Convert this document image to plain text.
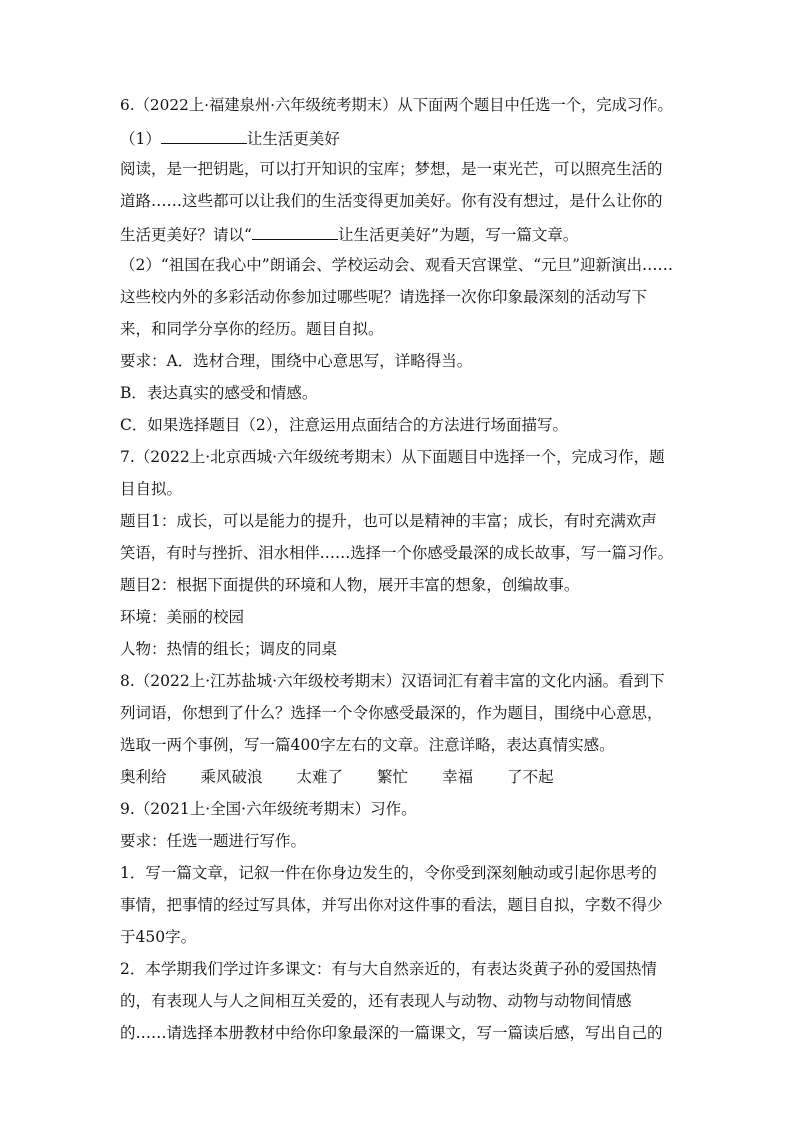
6.（2022上·福建泉州·六年级统考期末）从下面两个题目中任选一个，完成习作。
（1）	让生活更美好
阅读，是一把钥匙，可以打开知识的宝库；梦想，是一束光芒，可以照亮生活的
道路……这些都可以让我们的生活变得更加美好。你有没有想过，是什么让你的
生活更美好？请以“	让生活更美好”为题，写一篇文章。
（2）“祖国在我心中”朗诵会、学校运动会、观看天宫课堂、“元旦”迎新演出……
这些校内外的多彩活动你参加过哪些呢？请选择一次你印象最深刻的活动写下
来，和同学分享你的经历。题目自拟。
要求：A．选材合理，围绕中心意思写，详略得当。
B．表达真实的感受和情感。
C．如果选择题目（2），注意运用点面结合的方法进行场面描写。
7.（2022上·北京西城·六年级统考期末）从下面题目中选择一个，完成习作，题
目自拟。
题目1：成长，可以是能力的提升，也可以是精神的丰富；成长，有时充满欢声
笑语，有时与挫折、泪水相伴……选择一个你感受最深的成长故事，写一篇习作。
题目2：根据下面提供的环境和人物，展开丰富的想象，创编故事。
环境：美丽的校园
人物：热情的组长；调皮的同桌
8.（2022上·江苏盐城·六年级校考期末）汉语词汇有着丰富的文化内涵。看到下
列词语，你想到了什么？选择一个令你感受最深的，作为题目，围绕中心意思，
选取一两个事例，写一篇400字左右的文章。注意详略，表达真情实感。
奥利给 乘风破浪 太难了 繁忙 幸福 了不起
9.（2021上·全国·六年级统考期末）习作。
要求：任选一题进行写作。
1．写一篇文章，记叙一件在你身边发生的，令你受到深刻触动或引起你思考的
事情，把事情的经过写具体，并写出你对这件事的看法，题目自拟，字数不得少
于450字。
2．本学期我们学过许多课文：有与大自然亲近的，有表达炎黄子孙的爱国热情
的，有表现人与人之间相互关爱的，还有表现人与动物、动物与动物间情感
的……请选择本册教材中给你印象最深的一篇课文，写一篇读后感，写出自己的
